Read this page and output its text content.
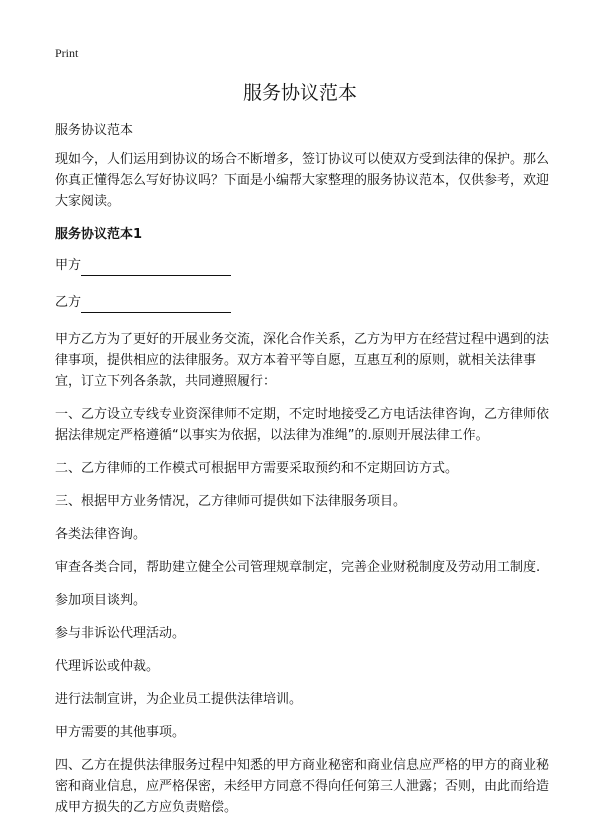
Print
服务协议范本

服务协议范本

现如今，人们运用到协议的场合不断增多，签订协议可以使双方受到法律的保护。那么你真正懂得怎么写好协议吗？下面是小编帮大家整理的服务协议范本，仅供参考，欢迎大家阅读。

服务协议范本1

甲方

乙方

甲方乙方为了更好的开展业务交流，深化合作关系，乙方为甲方在经营过程中遇到的法律事项，提供相应的法律服务。双方本着平等自愿，互惠互利的原则，就相关法律事宜，订立下列各条款，共同遵照履行：

一、乙方设立专线专业资深律师不定期，不定时地接受乙方电话法律咨询，乙方律师依据法律规定严格遵循“以事实为依据，以法律为准绳”的.原则开展法律工作。

二、乙方律师的工作模式可根据甲方需要采取预约和不定期回访方式。

三、根据甲方业务情况，乙方律师可提供如下法律服务项目。

各类法律咨询。

审查各类合同，帮助建立健全公司管理规章制定，完善企业财税制度及劳动用工制度.

参加项目谈判。

参与非诉讼代理活动。

代理诉讼或仲裁。

进行法制宣讲，为企业员工提供法律培训。

甲方需要的其他事项。

四、乙方在提供法律服务过程中知悉的甲方商业秘密和商业信息应严格的甲方的商业秘密和商业信息，应严格保密，未经甲方同意不得向任何第三人泄露；否则，由此而给造成甲方损失的乙方应负责赔偿。
